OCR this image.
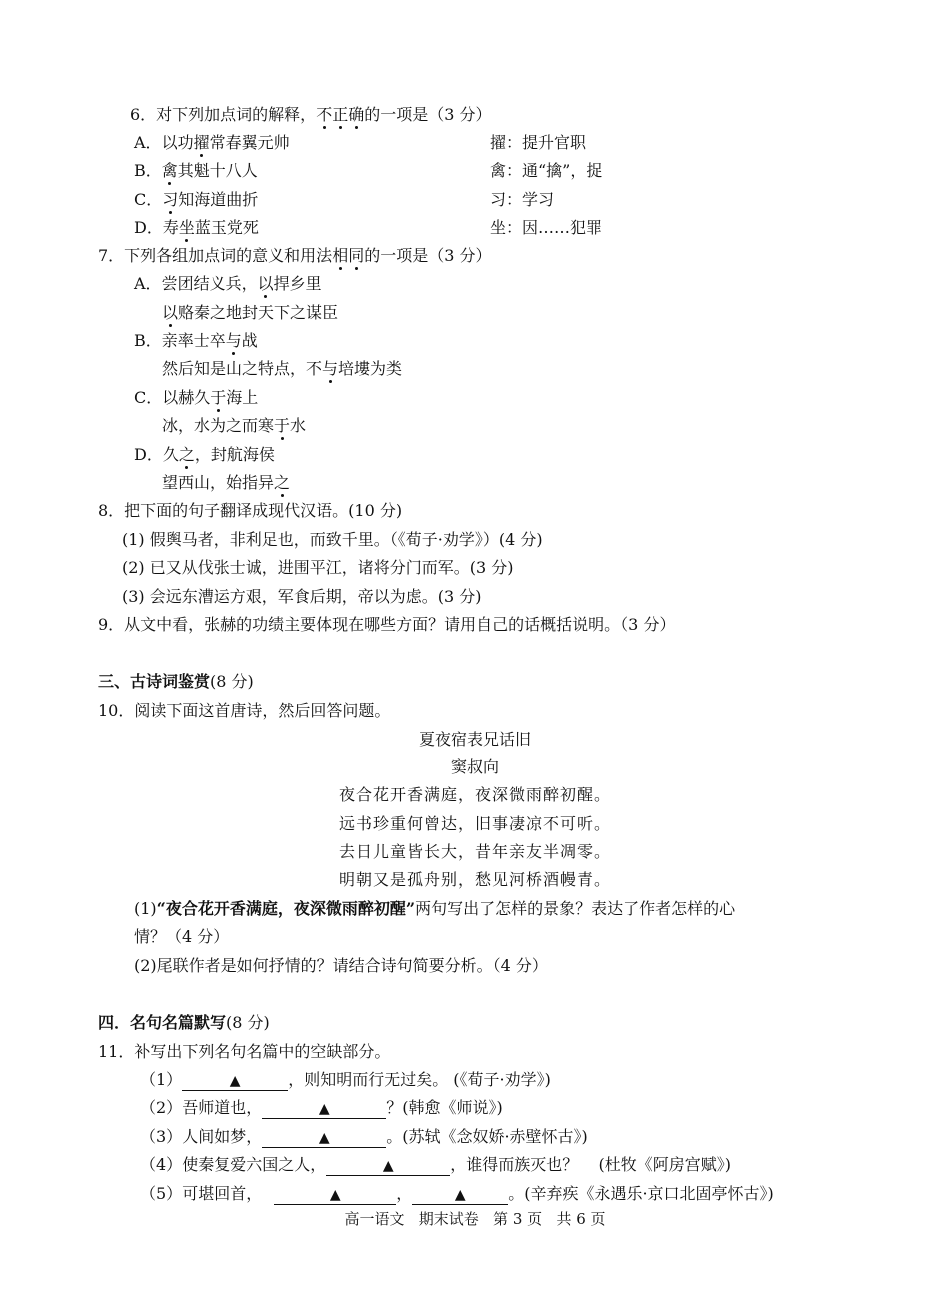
6．对下列加点词的解释，不正确的一项是（3 分）
A．以功擢常春翼元帅	擢：提升官职
B．禽其魁十八人	禽：通“擒”，捉
C．习知海道曲折	习：学习
D．寿坐蓝玉党死	坐：因……犯罪
7．下列各组加点词的意义和用法相同的一项是（3 分）
A．尝团结义兵，以捍乡里
以赂秦之地封天下之谋臣
B．亲率士卒与战
然后知是山之特点，不与培塿为类
C．以赫久于海上
冰，水为之而寒于水
D．久之，封航海侯
望西山，始指异之
8．把下面的句子翻译成现代汉语。(10 分)
(1) 假舆马者，非利足也，而致千里。（《荀子·劝学》）(4 分)
(2) 已又从伐张士诚，进围平江，诸将分门而军。(3 分)
(3) 会远东漕运方艰，军食后期，帝以为虑。(3 分)
9．从文中看，张赫的功绩主要体现在哪些方面？请用自己的话概括说明。（3 分）
三、古诗词鉴赏(8 分)
10．阅读下面这首唐诗，然后回答问题。
夏夜宿表兄话旧
窦叔向
夜合花开香满庭，夜深微雨醉初醒。
远书珍重何曾达，旧事凄凉不可听。
去日儿童皆长大，昔年亲友半凋零。
明朝又是孤舟别，愁见河桥酒幔青。
(1)“夜合花开香满庭，夜深微雨醉初醒”两句写出了怎样的景象？表达了作者怎样的心
情？（4 分）
(2)尾联作者是如何抒情的？请结合诗句简要分析。（4 分）
四．名句名篇默写(8 分)
11．补写出下列名句名篇中的空缺部分。
（1）	▲	，则知明而行无过矣。 (《荀子·劝学》)
（2）吾师道也，	▲	？(韩愈《师说》)
（3）人间如梦，	▲	。(苏轼《念奴娇·赤壁怀古》)
（4）使秦复爱六国之人，	▲	，谁得而族灭也？    (杜牧《阿房宫赋》)
（5）可堪回首，	▲	，	▲	。(辛弃疾《永遇乐·京口北固亭怀古》)
高一语文   期末试卷   第 3 页   共 6 页
